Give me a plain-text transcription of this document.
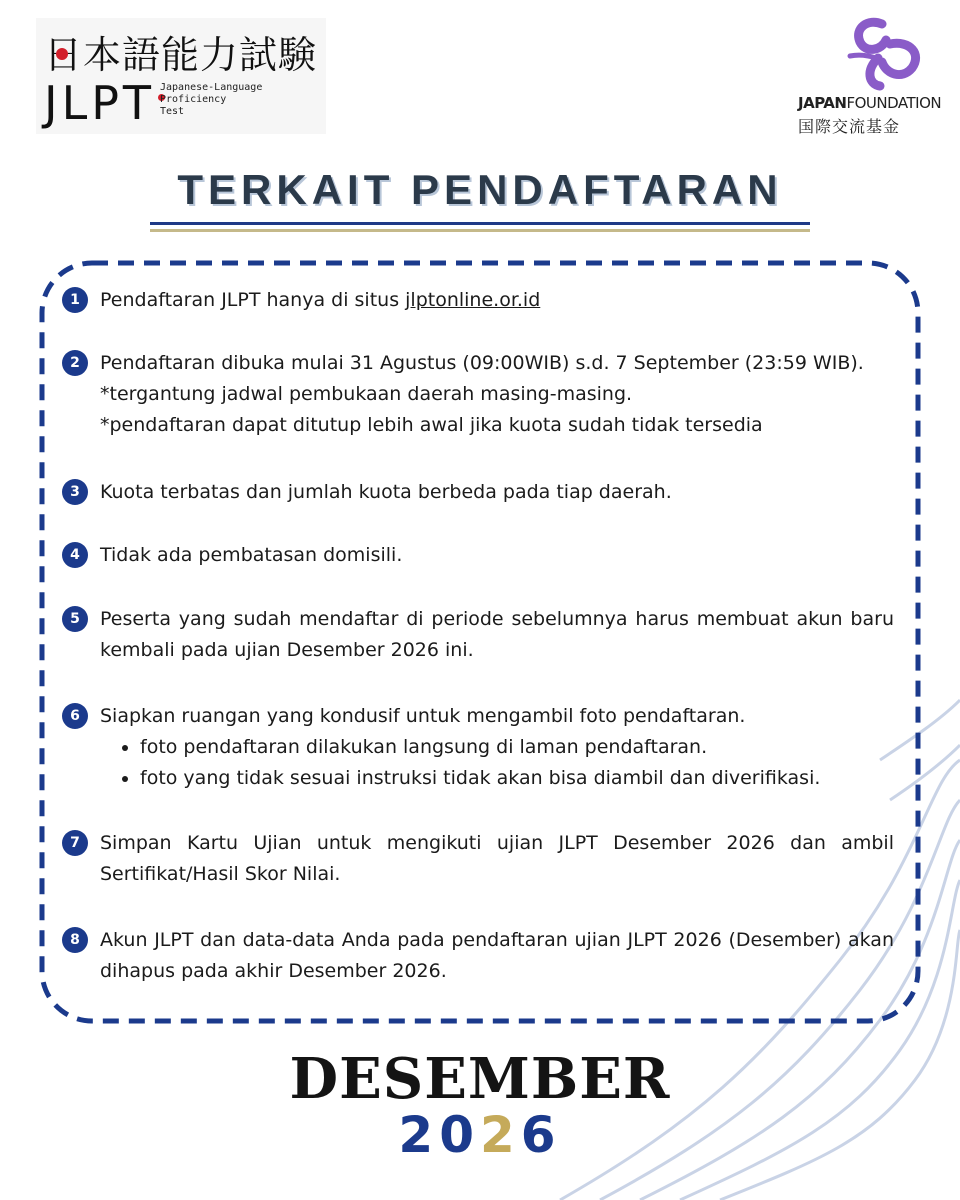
日本語能力試験
JLPT Japanese-Language
Proficiency
Test	JAPANFOUNDATION
国際交流基金
TERKAIT PENDAFTARAN
1	Pendaftaran JLPT hanya di situs jlptonline.or.id
2	Pendaftaran dibuka mulai 31 Agustus (09:00WIB) s.d. 7 September (23:59 WIB).

*tergantung jadwal pembukaan daerah masing-masing.

*pendaftaran dapat ditutup lebih awal jika kuota sudah tidak tersedia

3	Kuota terbatas dan jumlah kuota berbeda pada tiap daerah.
4	Tidak ada pembatasan domisili.
5	Peserta yang sudah mendaftar di periode sebelumnya harus membuat akun baru kembali pada ujian Desember 2026 ini.
6	Siapkan ruangan yang kondusif untuk mengambil foto pendaftaran.

• foto pendaftaran dilakukan langsung di laman pendaftaran.
• foto yang tidak sesuai instruksi tidak akan bisa diambil dan diverifikasi.
7	Simpan Kartu Ujian untuk mengikuti ujian JLPT Desember 2026 dan ambil Sertifikat/Hasil Skor Nilai.
8	Akun JLPT dan data-data Anda pada pendaftaran ujian JLPT 2026 (Desember) akan dihapus pada akhir Desember 2026.
DESEMBER
2026
